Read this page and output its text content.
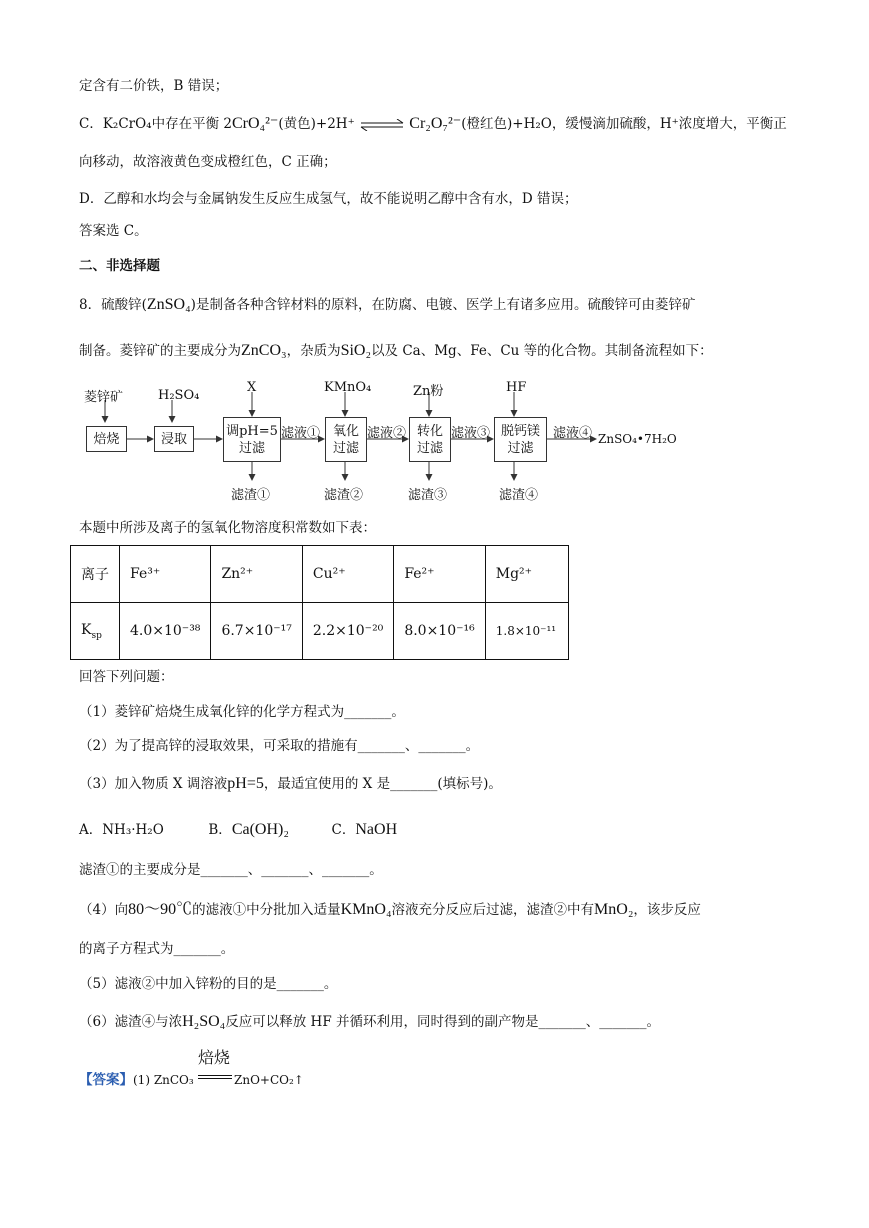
定含有二价铁，B 错误；
C．K₂CrO₄中存在平衡 2CrO₄²⁻(黄色)+2H⁺ ⇌ Cr₂O₇²⁻(橙红色)+H₂O，缓慢滴加硫酸，H⁺浓度增大，平衡正
向移动，故溶液黄色变成橙红色，C 正确；
D．乙醇和水均会与金属钠发生反应生成氢气，故不能说明乙醇中含有水，D 错误；
答案选 C。
二、非选择题
8．硫酸锌(ZnSO₄)是制备各种含锌材料的原料，在防腐、电镀、医学上有诸多应用。硫酸锌可由菱锌矿
制备。菱锌矿的主要成分为ZnCO₃，杂质为SiO₂以及 Ca、Mg、Fe、Cu 等的化合物。其制备流程如下：
菱锌矿	H₂SO₄
X	KMnO₄	Zn粉	HF
焙烧	浸取
调pH=5
过滤
氧化
过滤
转化
过滤
脱钙镁
过滤
滤液①	滤液②	滤液③	滤液④ ZnSO₄•7H₂O
滤渣①	滤渣②	滤渣③	滤渣④
本题中所涉及离子的氢氧化物溶度积常数如下表：
离子	Fe³⁺	Zn²⁺	Cu²⁺	Fe²⁺	Mg²⁺
$K_{sp}$	4.0×10⁻³⁸	6.7×10⁻¹⁷	2.2×10⁻²⁰	8.0×10⁻¹⁶	1.8×10⁻¹¹
回答下列问题：
（1）菱锌矿焙烧生成氧化锌的化学方程式为_______。
（2）为了提高锌的浸取效果，可采取的措施有_______、_______。
（3）加入物质 X 调溶液pH=5，最适宜使用的 X 是_______(填标号)。
A．NH₃·H₂O	B．Ca(OH)₂	C．NaOH
滤渣①的主要成分是_______、_______、_______。
（4）向80～90℃的滤液①中分批加入适量KMnO₄溶液充分反应后过滤，滤渣②中有MnO₂，该步反应
的离子方程式为_______。
（5）滤液②中加入锌粉的目的是_______。
（6）滤渣④与浓H₂SO₄反应可以释放 HF 并循环利用，同时得到的副产物是_______、_______。
【答案】(1) ZnCO₃
焙烧
ZnO+CO₂↑
